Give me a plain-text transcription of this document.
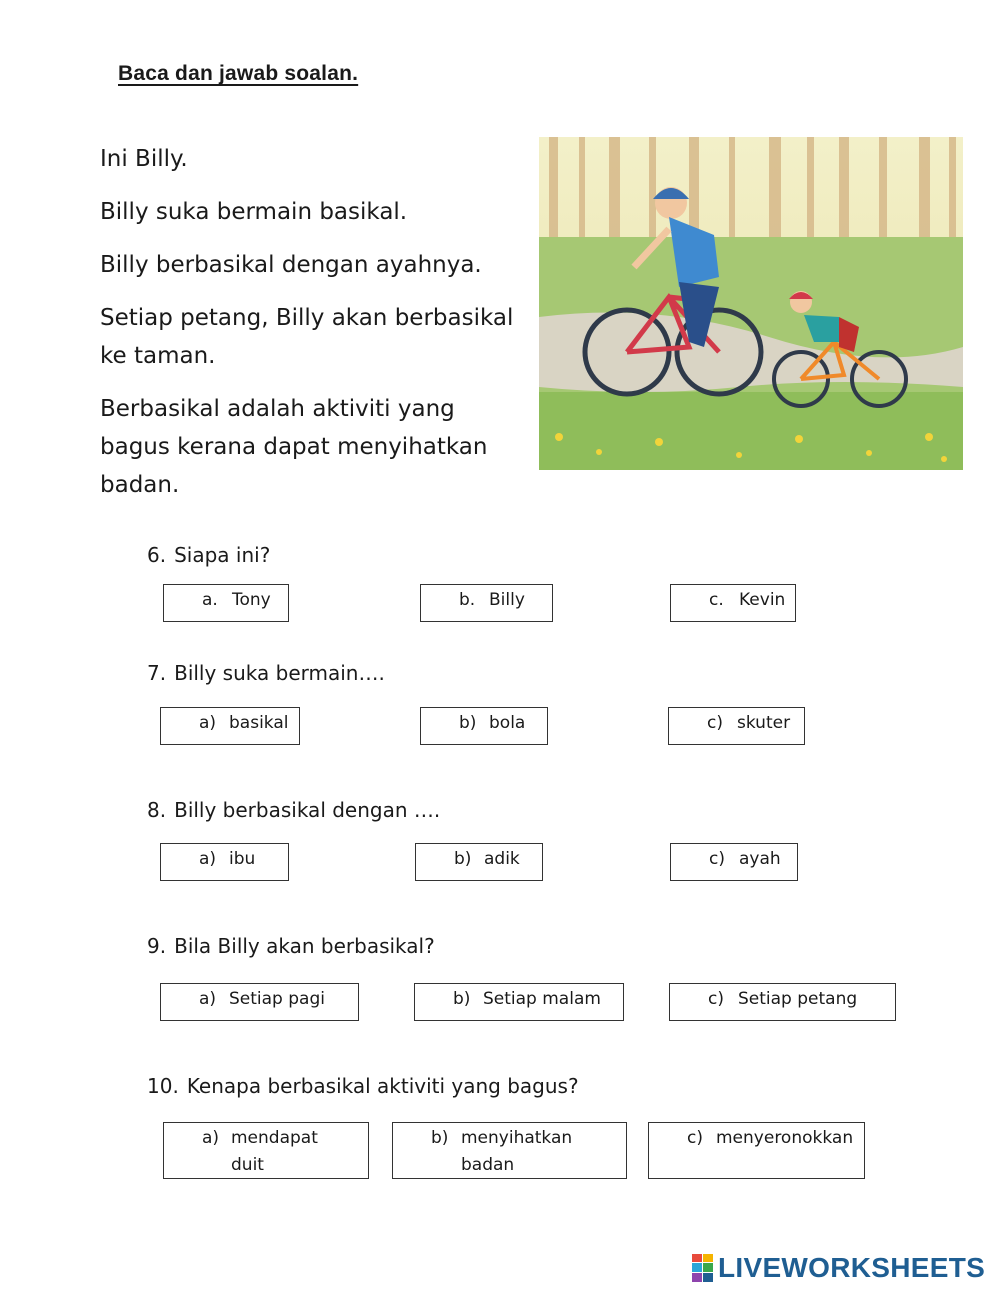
Baca dan jawab soalan.

Ini Billy.

Billy suka bermain basikal.

Billy berbasikal dengan ayahnya.

Setiap petang, Billy akan berbasikal ke taman.

Berbasikal adalah aktiviti yang bagus kerana dapat menyihatkan badan.

6. Siapa ini?
a. Tony	b. Billy	c. Kevin
7. Billy suka bermain….
a) basikal	b) bola	c) skuter
8. Billy berbasikal dengan ….
a) ibu	b) adik	c) ayah
9. Bila Billy akan berbasikal?
a) Setiap pagi	b) Setiap malam	c) Setiap petang
10. Kenapa berbasikal aktiviti yang bagus?
a) mendapat duit
b) menyihatkan badan
c) menyeronokkan
LIVEWORKSHEETS
